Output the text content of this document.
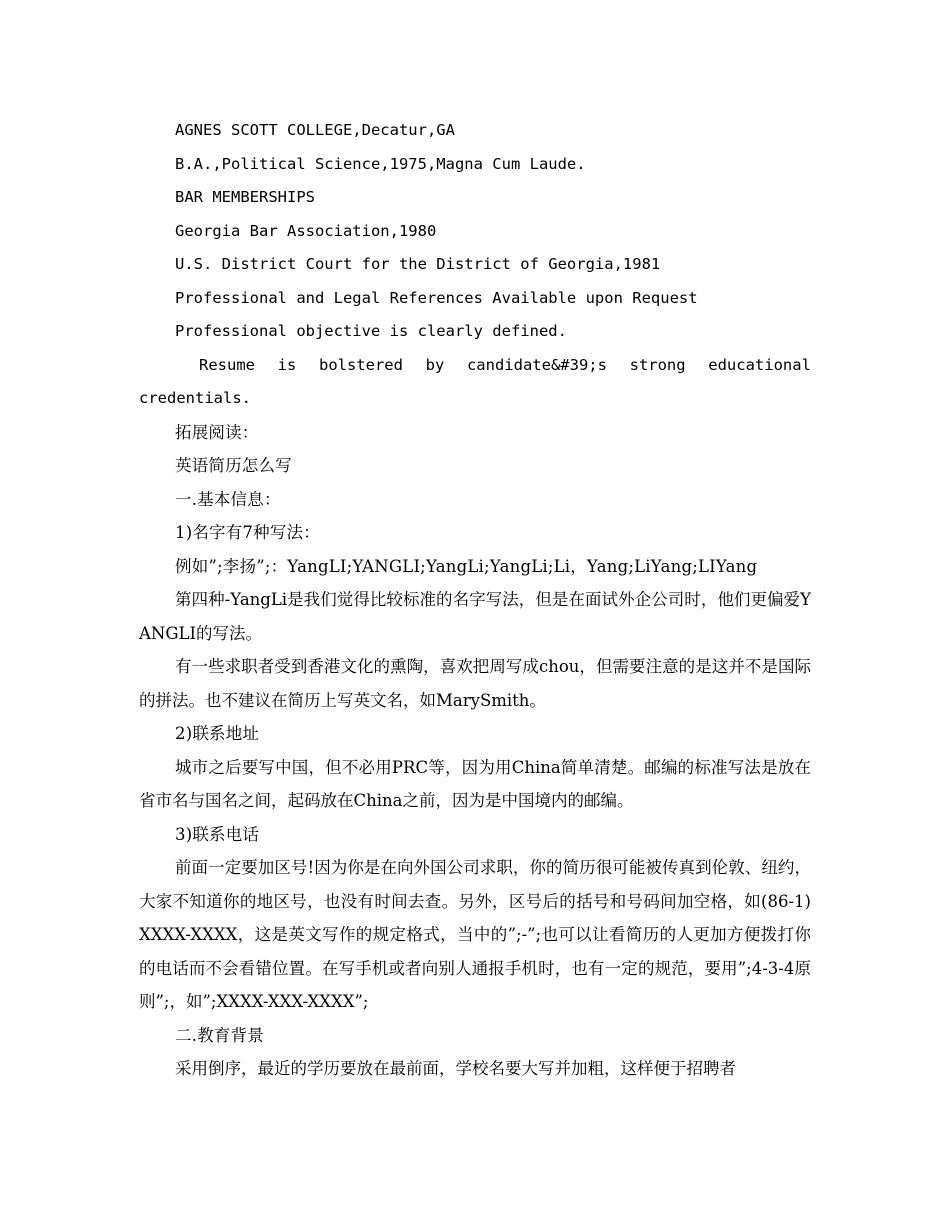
AGNES SCOTT COLLEGE,Decatur,GA
B.A.,Political Science,1975,Magna Cum Laude.
BAR MEMBERSHIPS
Georgia Bar Association,1980
U.S. District Court for the District of Georgia,1981
Professional and Legal References Available upon Request
Professional objective is clearly defined.
Resume is bolstered by candidate&#39;s strong educational
credentials.
拓展阅读：
英语简历怎么写
一.基本信息：
1)名字有7种写法：
例如”;李扬”;：YangLI;YANGLI;YangLi;YangLi;Li，Yang;LiYang;LIYang
第四种-YangLi是我们觉得比较标准的名字写法，但是在面试外企公司时，他们更偏爱YANGLI的写法。
有一些求职者受到香港文化的熏陶，喜欢把周写成chou，但需要注意的是这并不是国际的拼法。也不建议在简历上写英文名，如MarySmith。
2)联系地址
城市之后要写中国，但不必用PRC等，因为用China简单清楚。邮编的标准写法是放在省市名与国名之间，起码放在China之前，因为是中国境内的邮编。
3)联系电话
前面一定要加区号!因为你是在向外国公司求职，你的简历很可能被传真到伦敦、纽约，大家不知道你的地区号，也没有时间去查。另外，区号后的括号和号码间加空格，如(86-1)XXXX-XXXX，这是英文写作的规定格式，当中的”;-”;也可以让看简历的人更加方便拨打你的电话而不会看错位置。在写手机或者向别人通报手机时，也有一定的规范，要用”;4-3-4原则”;，如”;XXXX-XXX-XXXX”;
二.教育背景
采用倒序，最近的学历要放在最前面，学校名要大写并加粗，这样便于招聘者
